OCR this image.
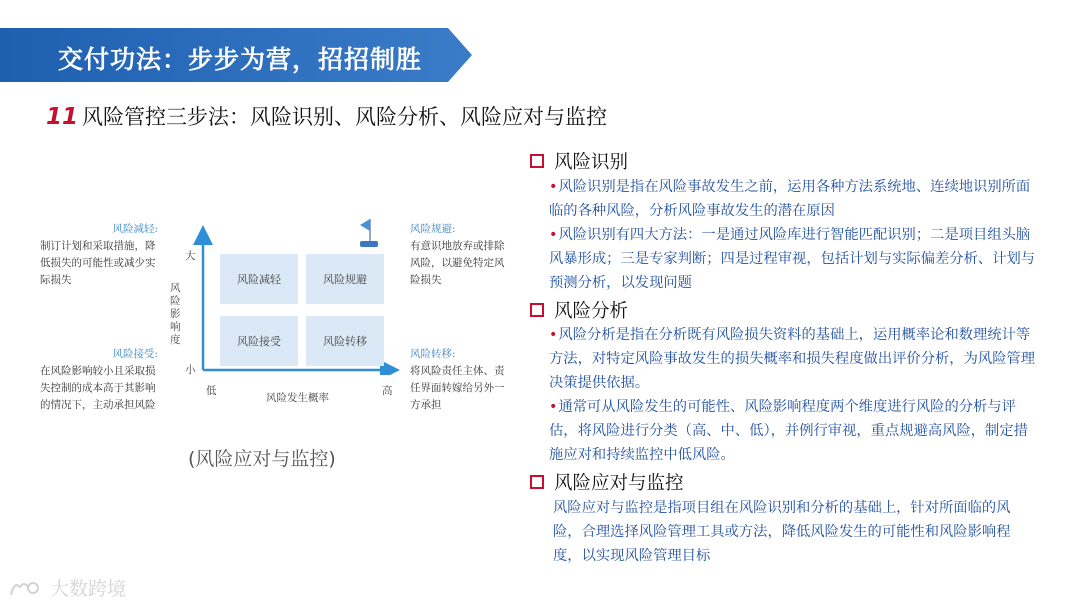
交付功法：步步为营，招招制胜
11 风险管控三步法：风险识别、风险分析、风险应对与监控
风险减轻:
制订计划和采取措施，降低损失的可能性或减少实际损失
风险接受:
在风险影响较小且采取损失控制的成本高于其影响的情况下，主动承担风险
风险规避:
有意识地放弃或排除风险，以避免特定风险损失
风险转移:
将风险责任主体、责任界面转嫁给另外一方承担
风险减轻	风险规避
风险接受	风险转移
大
小
风险影响度
低	高
风险发生概率
(风险应对与监控)
风险识别
•风险识别是指在风险事故发生之前，运用各种方法系统地、连续地识别所面临的各种风险，分析风险事故发生的潜在原因
•风险识别有四大方法：一是通过风险库进行智能匹配识别；二是项目组头脑风暴形成；三是专家判断；四是过程审视，包括计划与实际偏差分析、计划与预测分析，以发现问题
风险分析
•风险分析是指在分析既有风险损失资料的基础上，运用概率论和数理统计等方法，对特定风险事故发生的损失概率和损失程度做出评价分析，为风险管理决策提供依据。
•通常可从风险发生的可能性、风险影响程度两个维度进行风险的分析与评估，将风险进行分类（高、中、低），并例行审视，重点规避高风险，制定措施应对和持续监控中低风险。
风险应对与监控
风险应对与监控是指项目组在风险识别和分析的基础上，针对所面临的风险，合理选择风险管理工具或方法，降低风险发生的可能性和风险影响程度，以实现风险管理目标
大数跨境
